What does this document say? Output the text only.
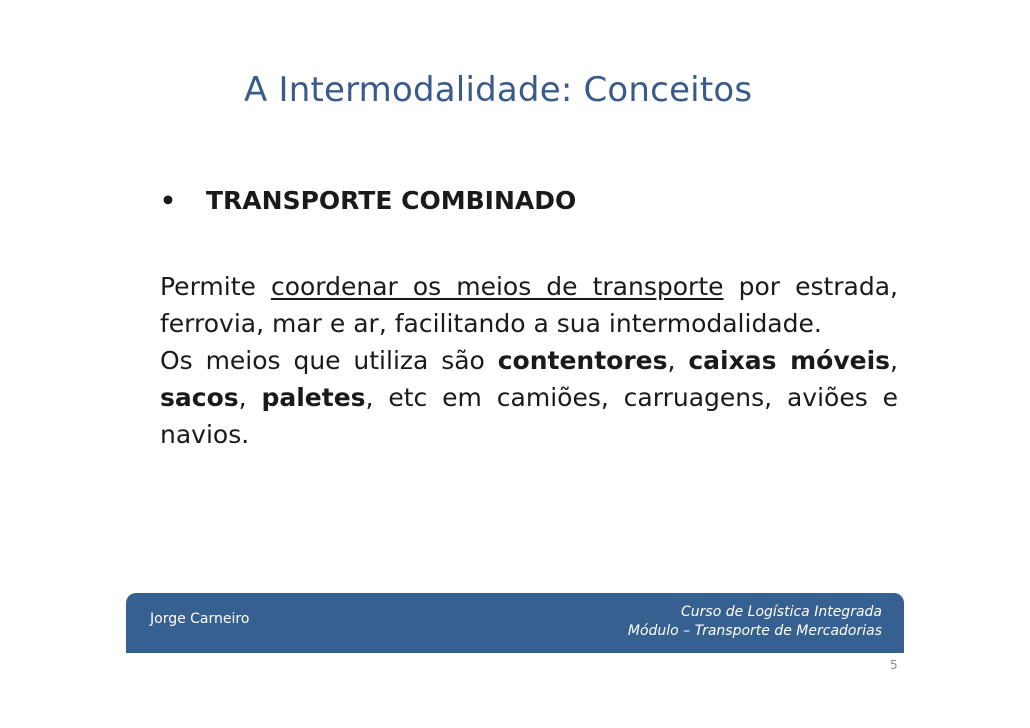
A Intermodalidade: Conceitos
• TRANSPORTE COMBINADO

Permite coordenar os meios de transporte por estrada, ferrovia, mar e ar, facilitando a sua intermodalidade.

Os meios que utiliza são contentores, caixas móveis, sacos, paletes, etc em camiões, carruagens, aviões e navios.

Jorge Carneiro	Curso de Logística Integrada
Módulo – Transporte de Mercadorias
5
